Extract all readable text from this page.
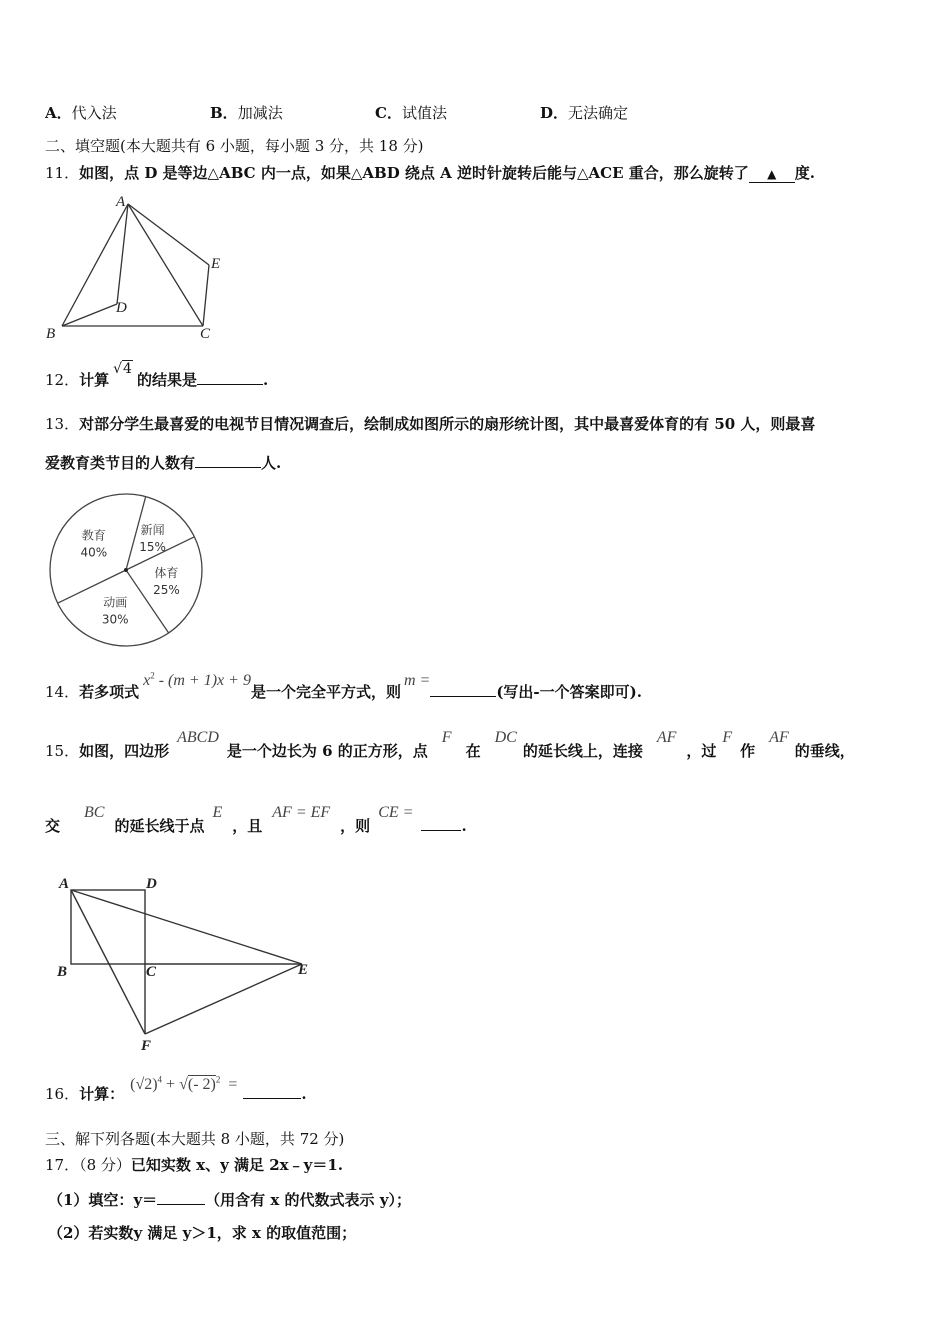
A．代入法	B．加减法	C．试值法	D．无法确定
二、填空题(本大题共有 6 小题，每小题 3 分，共 18 分)
11．如图，点 D 是等边△ABC 内一点，如果△ABD 绕点 A 逆时针旋转后能与△ACE 重合，那么旋转了 ▲ 度.
A
B	C
D
E
12．计算√4的结果是	.
13．对部分学生最喜爱的电视节目情况调查后，绘制成如图所示的扇形统计图，其中最喜爱体育的有 50 人，则最喜
爱教育类节目的人数有	人.
新闻
15%
体育
25%
动画
30%
教育
40%
14．若多项式$x^2 - (m + 1)x + 9$是一个完全平方式，则m =(写出-一个答案即可).
15．如图，四边形ABCD是一个边长为 6 的正方形，点F在DC的延长线上，连接AF，过F作AF的垂线，
交BC的延长线于点E，且AF = EF，则CE =.
A	D
B	C	E
F
16．计算：$(√2)^4$ + √(- 2)$^2$ =.
三、解下列各题(本大题共 8 小题，共 72 分)
17．（8 分）已知实数 x、y 满足 2x﹣y＝1.
（1）填空：y＝	（用含有 x 的代数式表示 y）；
（2）若实数y 满足 y＞1，求 x 的取值范围；
